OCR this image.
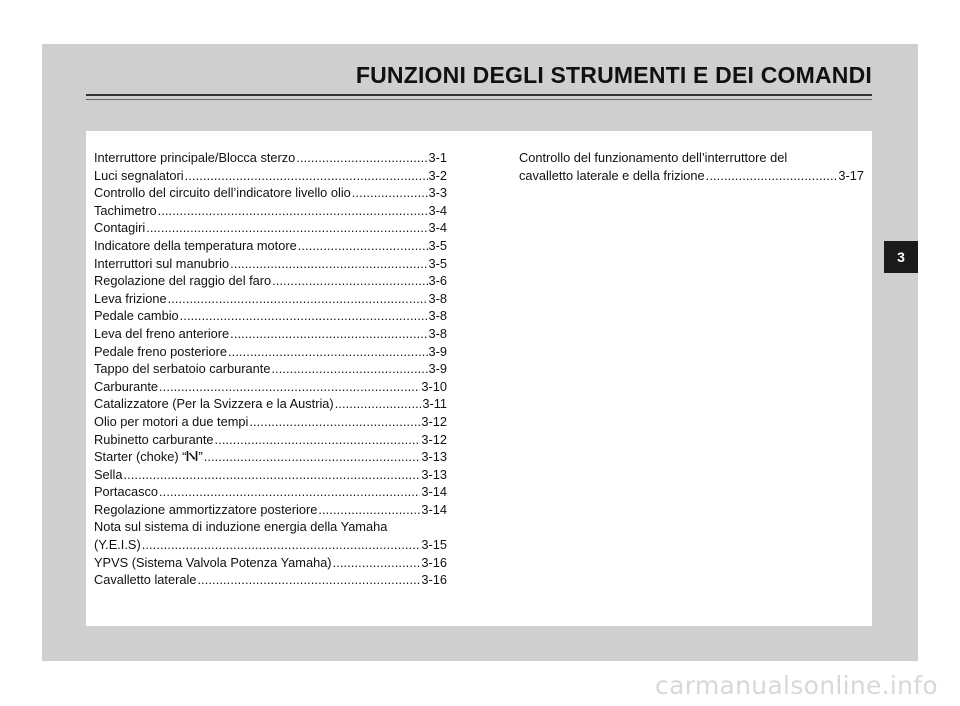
FUNZIONI DEGLI STRUMENTI E DEI COMANDI
Interruttore principale/Blocca sterzo .....	3-1
Luci segnalatori .....	3-2
Controllo del circuito dell’indicatore livello olio .....	3-3
Tachimetro .....	3-4
Contagiri .....	3-4
Indicatore della temperatura motore .....	3-5
Interruttori sul manubrio .....	3-5
Regolazione del raggio del faro .....	3-6
Leva frizione .....	3-8
Pedale cambio .....	3-8
Leva del freno anteriore .....	3-8
Pedale freno posteriore .....	3-9
Tappo del serbatoio carburante .....	3-9
Carburante .....	3-10
Catalizzatore (Per la Svizzera e la Austria) .....	3-11
Olio per motori a due tempi .....	3-12
Rubinetto carburante .....	3-12
Starter (choke) “ ” .....	3-13
Sella .....	3-13
Portacasco .....	3-14
Regolazione ammortizzatore posteriore .....	3-14
Nota sul sistema di induzione energia della Yamaha
(Y.E.I.S) .....	3-15
YPVS (Sistema Valvola Potenza Yamaha) .....	3-16
Cavalletto laterale .....	3-16
Controllo del funzionamento dell’interruttore del
cavalletto laterale e della frizione .....	3-17
3
carmanualsonline.info
